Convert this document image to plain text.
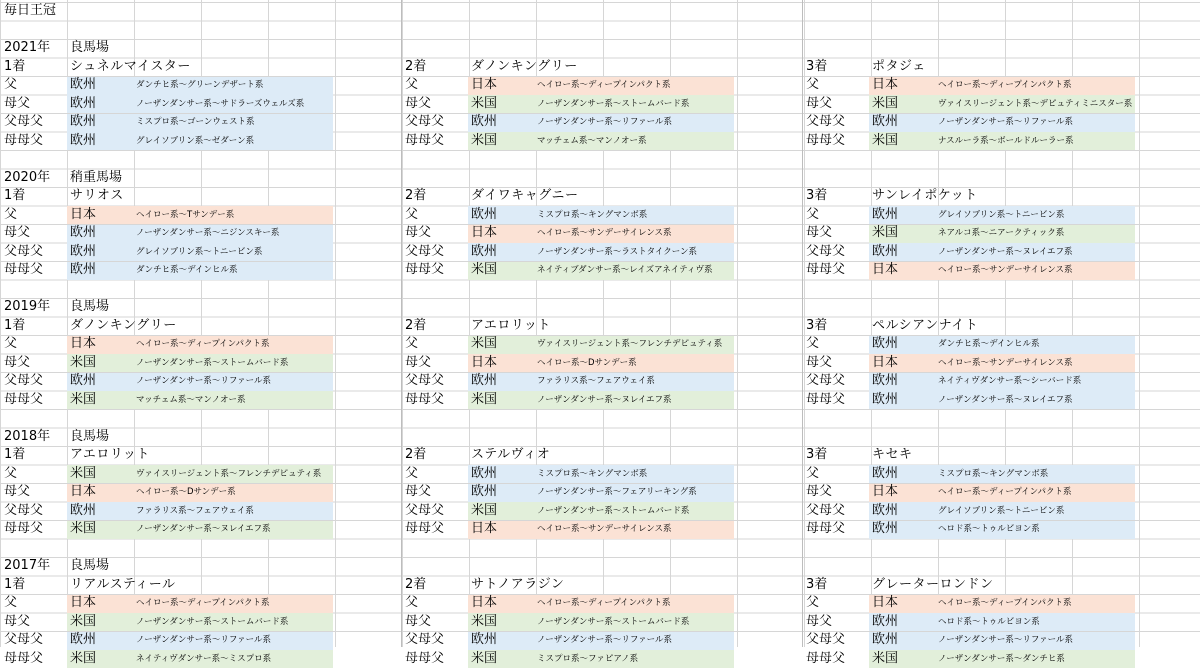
毎日王冠
2021年 良馬場
1着	シュネルマイスター
父	欧州	ダンチヒ系～グリーンデザート系
母父	欧州	ノーザンダンサー系～サドラーズウェルズ系
父母父 欧州	ミスプロ系～ゴーンウェスト系
母母父 欧州	グレイソブリン系～ゼダーン系
2着	ダノンキングリー
父	日本	ヘイロー系～ディープインパクト系
母父	米国	ノーザンダンサー系～ストームバード系
父母父 欧州	ノーザンダンサー系～リファール系
母母父 米国	マッチェム系～マンノオー系
3着	ポタジェ
父	日本	ヘイロー系～ディープインパクト系
母父	米国	ヴァイスリージェント系～デピュティミニスター系
父母父 欧州	ノーザンダンサー系～リファール系
母母父 米国	ナスルーラ系～ボールドルーラー系
2020年 稍重馬場
1着	サリオス
父	日本	ヘイロー系～Tサンデー系
母父	欧州	ノーザンダンサー系～ニジンスキー系
父母父 欧州	グレイソブリン系～トニービン系
母母父 欧州	ダンチヒ系～デインヒル系
2着	ダイワキャグニー
父	欧州	ミスプロ系～キングマンボ系
母父	日本	ヘイロー系～サンデーサイレンス系
父母父 欧州	ノーザンダンサー系～ラストタイクーン系
母母父 米国	ネイティブダンサー系～レイズアネイティヴ系
3着	サンレイポケット
父	欧州	グレイソブリン系～トニービン系
母父	米国	ネアルコ系～ニアークティック系
父母父 欧州	ノーザンダンサー系～ヌレイエフ系
母母父 日本	ヘイロー系～サンデーサイレンス系
2019年 良馬場
1着	ダノンキングリー
父	日本	ヘイロー系～ディープインパクト系
母父	米国	ノーザンダンサー系～ストームバード系
父母父 欧州	ノーザンダンサー系～リファール系
母母父 米国	マッチェム系～マンノオー系
2着	アエロリット
父	米国	ヴァイスリージェント系～フレンチデピュティ系
母父	日本	ヘイロー系～Dサンデー系
父母父 欧州	ファラリス系～フェアウェイ系
母母父 米国	ノーザンダンサー系～ヌレイエフ系
3着	ペルシアンナイト
父	欧州	ダンチヒ系～デインヒル系
母父	日本	ヘイロー系～サンデーサイレンス系
父母父 欧州	ネイティヴダンサー系～シーバード系
母母父 欧州	ノーザンダンサー系～ヌレイエフ系
2018年 良馬場
1着	アエロリット
父	米国	ヴァイスリージェント系～フレンチデピュティ系
母父	日本	ヘイロー系～Dサンデー系
父母父 欧州	ファラリス系～フェアウェイ系
母母父 米国	ノーザンダンサー系～ヌレイエフ系
2着	ステルヴィオ
父	欧州	ミスプロ系～キングマンボ系
母父	欧州	ノーザンダンサー系～フェアリーキング系
父母父 米国	ノーザンダンサー系～ストームバード系
母母父 日本	ヘイロー系～サンデーサイレンス系
3着	キセキ
父	欧州	ミスプロ系～キングマンボ系
母父	日本	ヘイロー系～ディープインパクト系
父母父 欧州	グレイソブリン系～トニービン系
母母父 欧州	ヘロド系～トゥルビヨン系
2017年 良馬場
1着	リアルスティール
父	日本	ヘイロー系～ディープインパクト系
母父	米国	ノーザンダンサー系～ストームバード系
父母父 欧州	ノーザンダンサー系～リファール系
母母父 米国	ネイティヴダンサー系～ミスプロ系
2着	サトノアラジン
父	日本	ヘイロー系～ディープインパクト系
母父	米国	ノーザンダンサー系～ストームバード系
父母父 欧州	ノーザンダンサー系～リファール系
母母父 米国	ミスプロ系～ファピアノ系
3着	グレーターロンドン
父	日本	ヘイロー系～ディープインパクト系
母父	欧州	ヘロド系～トゥルビヨン系
父母父 欧州	ノーザンダンサー系～リファール系
母母父 米国	ノーザンダンサー系～ダンチヒ系
